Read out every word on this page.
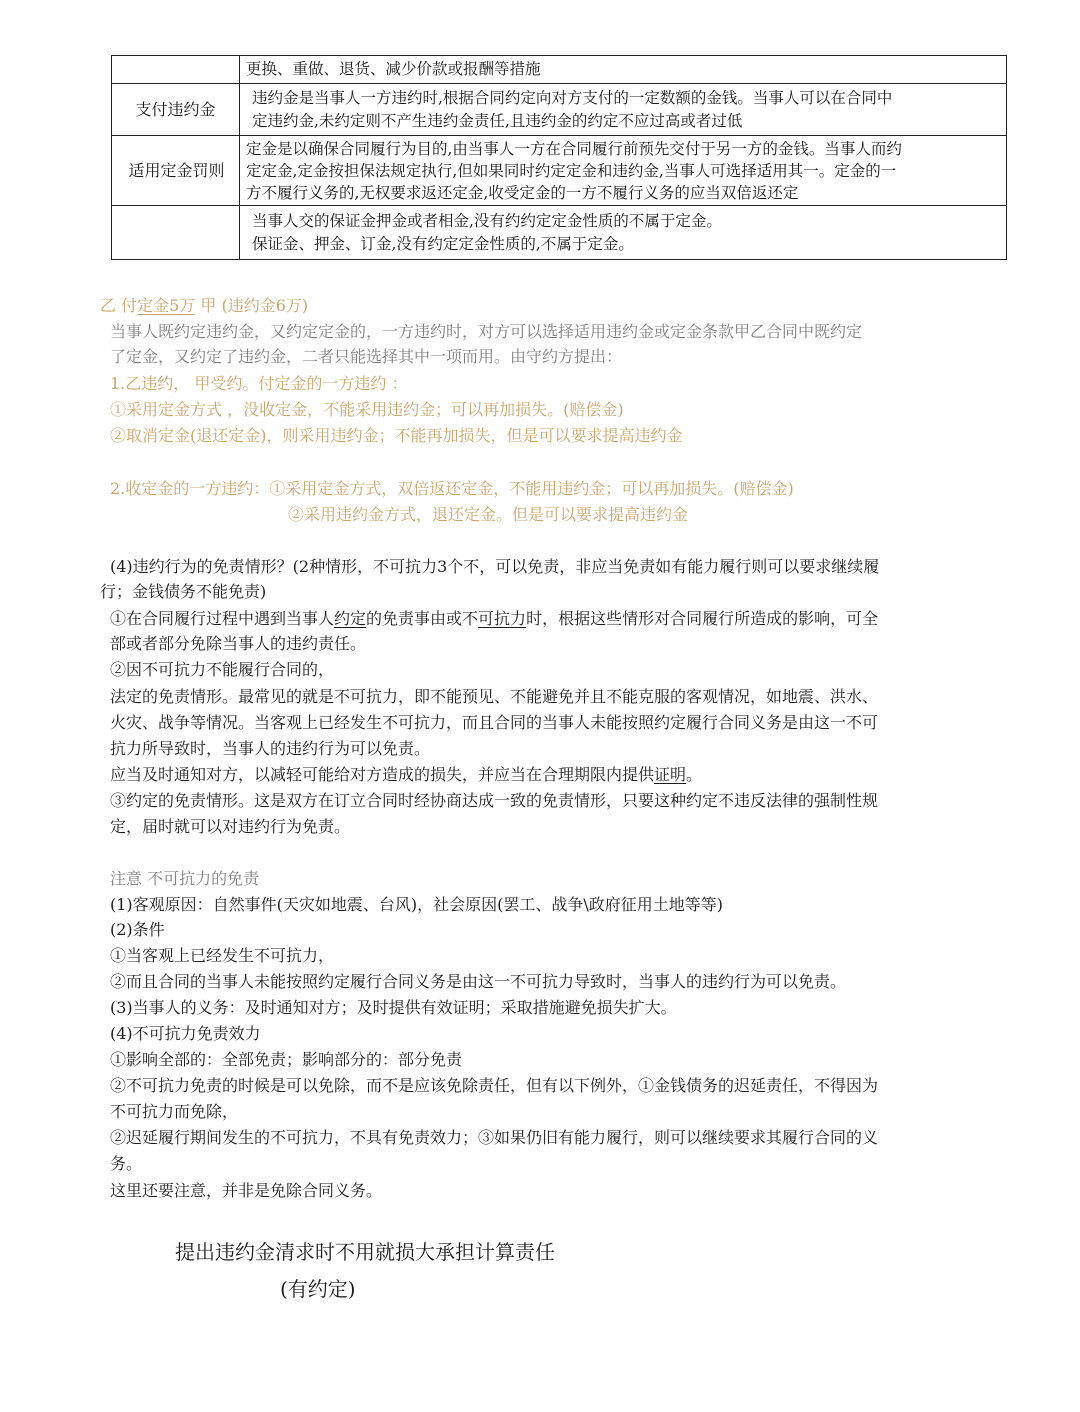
	更换、重做、退货、减少价款或报酬等措施

支付违约金	违约金是当事人一方违约时,根据合同约定向对方支付的一定数额的金钱。当事人可以在合同中
定违约金,未约定则不产生违约金责任,且违约金的约定不应过高或者过低

适用定金罚则	定金是以确保合同履行为目的,由当事人一方在合同履行前预先交付于另一方的金钱。当事人而约
定定金,定金按担保法规定执行,但如果同时约定定金和违约金,当事人可选择适用其一。定金的一
方不履行义务的,无权要求返还定金,收受定金的一方不履行义务的应当双倍返还定

	当事人交的保证金押金或者相金,没有约约定定金性质的不属于定金。
保证金、押金、订金,没有约定定金性质的,不属于定金。
乙 付定金5万 甲 (违约金6万)
当事人既约定违约金，又约定定金的，一方违约时，对方可以选择适用违约金或定金条款甲乙合同中既约定
了定金，又约定了违约金，二者只能选择其中一项而用。由守约方提出：
1.乙违约， 甲受约。付定金的一方违约 ：
①采用定金方式 ，没收定金，不能采用违约金；可以再加损失。(赔偿金)
②取消定金(退还定金)，则采用违约金；不能再加损失，但是可以要求提高违约金
2.收定金的一方违约：①采用定金方式，双倍返还定金，不能用违约金；可以再加损失。(赔偿金)
②采用违约金方式，退还定金。但是可以要求提高违约金
(4)违约行为的免责情形？(2种情形，不可抗力3个不，可以免责，非应当免责如有能力履行则可以要求继续履
行；金钱债务不能免责)
①在合同履行过程中遇到当事人约定的免责事由或不可抗力时，根据这些情形对合同履行所造成的影响，可全
部或者部分免除当事人的违约责任。
②因不可抗力不能履行合同的，
法定的免责情形。最常见的就是不可抗力，即不能预见、不能避免并且不能克服的客观情况，如地震、洪水、
火灾、战争等情况。当客观上已经发生不可抗力，而且合同的当事人未能按照约定履行合同义务是由这一不可
抗力所导致时，当事人的违约行为可以免责。
应当及时通知对方，以减轻可能给对方造成的损失，并应当在合理期限内提供证明。
③约定的免责情形。这是双方在订立合同时经协商达成一致的免责情形，只要这种约定不违反法律的强制性规
定，届时就可以对违约行为免责。
注意 不可抗力的免责
(1)客观原因：自然事件(天灾如地震、台风)，社会原因(罢工、战争\政府征用土地等等)
(2)条件
①当客观上已经发生不可抗力，
②而且合同的当事人未能按照约定履行合同义务是由这一不可抗力导致时，当事人的违约行为可以免责。
(3)当事人的义务：及时通知对方；及时提供有效证明；采取措施避免损失扩大。
(4)不可抗力免责效力
①影响全部的：全部免责；影响部分的：部分免责
②不可抗力免责的时候是可以免除，而不是应该免除责任，但有以下例外，①金钱债务的迟延责任，不得因为
不可抗力而免除，
②迟延履行期间发生的不可抗力，不具有免责效力；③如果仍旧有能力履行，则可以继续要求其履行合同的义
务。
这里还要注意，并非是免除合同义务。
提出违约金清求时不用就损大承担计算责任
(有约定)
